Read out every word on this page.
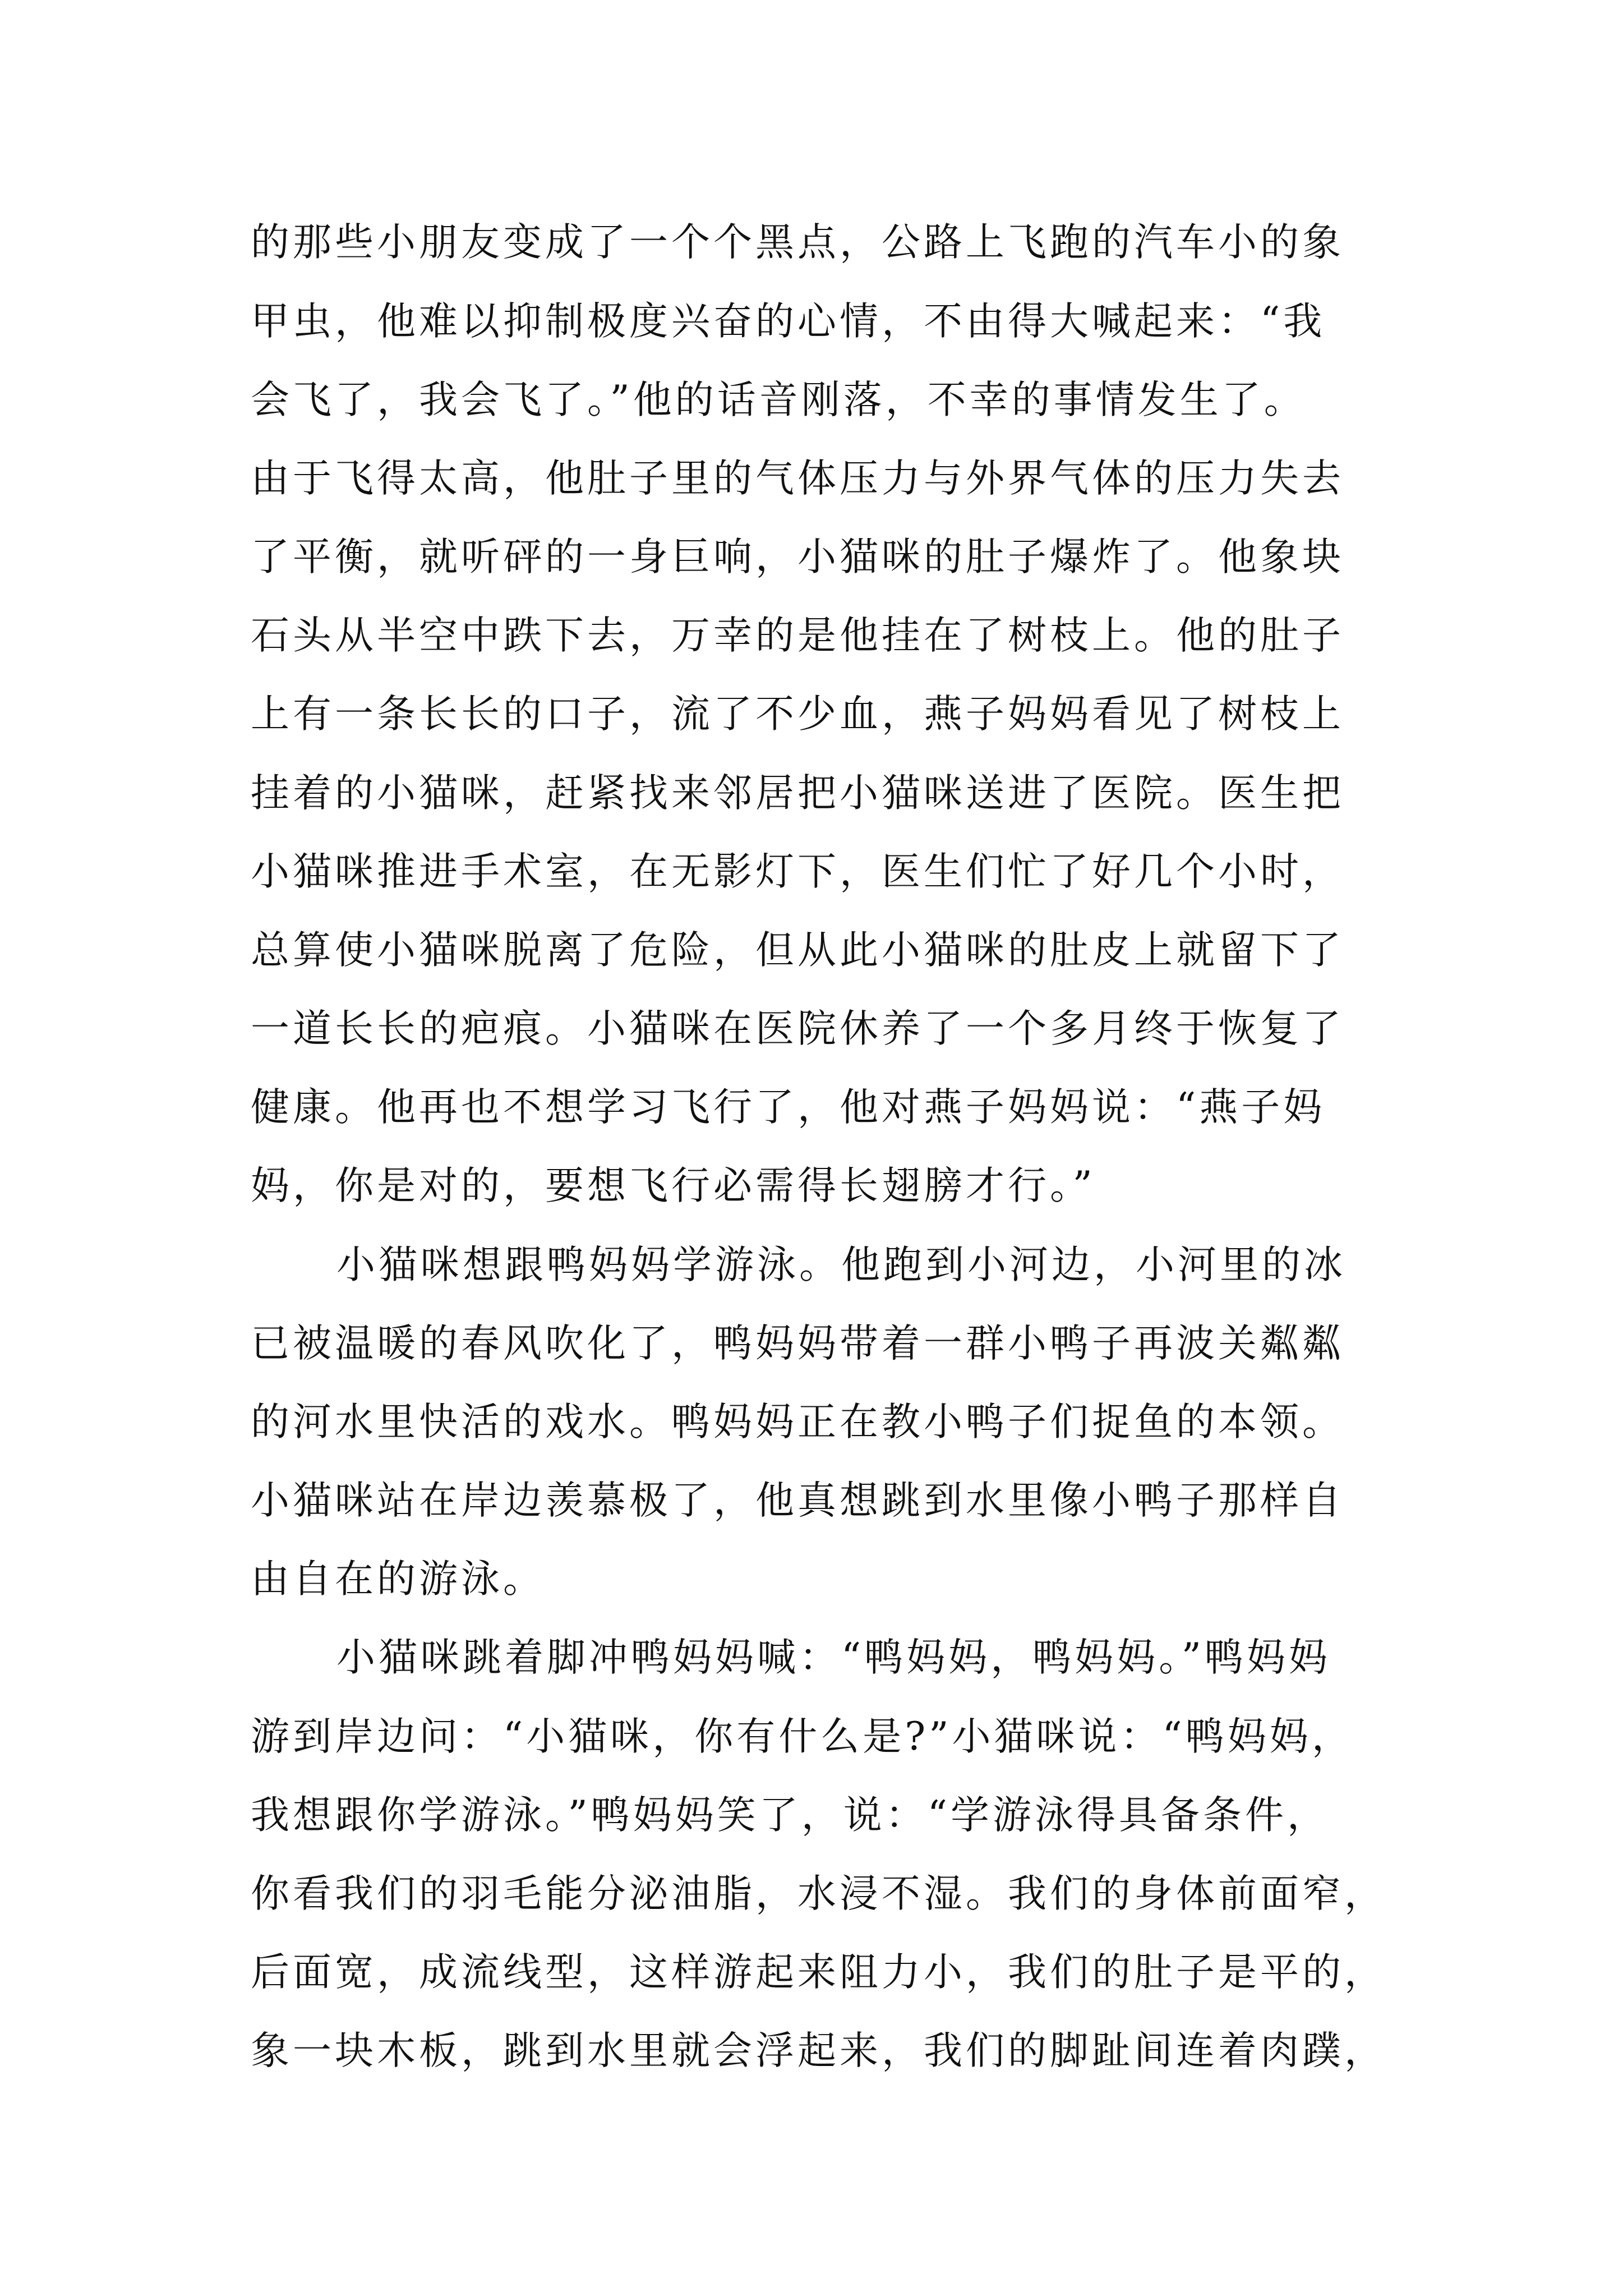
的那些小朋友变成了一个个黑点，公路上飞跑的汽车小的象
甲虫，他难以抑制极度兴奋的心情，不由得大喊起来：“我
会飞了，我会飞了。”他的话音刚落，不幸的事情发生了。
由于飞得太高，他肚子里的气体压力与外界气体的压力失去
了平衡，就听砰的一身巨响，小猫咪的肚子爆炸了。他象块
石头从半空中跌下去，万幸的是他挂在了树枝上。他的肚子
上有一条长长的口子，流了不少血，燕子妈妈看见了树枝上
挂着的小猫咪，赶紧找来邻居把小猫咪送进了医院。医生把
小猫咪推进手术室，在无影灯下，医生们忙了好几个小时，
总算使小猫咪脱离了危险，但从此小猫咪的肚皮上就留下了
一道长长的疤痕。小猫咪在医院休养了一个多月终于恢复了
健康。他再也不想学习飞行了，他对燕子妈妈说：“燕子妈
妈，你是对的，要想飞行必需得长翅膀才行。”
小猫咪想跟鸭妈妈学游泳。他跑到小河边，小河里的冰
已被温暖的春风吹化了，鸭妈妈带着一群小鸭子再波关粼粼
的河水里快活的戏水。鸭妈妈正在教小鸭子们捉鱼的本领。
小猫咪站在岸边羡慕极了，他真想跳到水里像小鸭子那样自
由自在的游泳。
小猫咪跳着脚冲鸭妈妈喊：“鸭妈妈，鸭妈妈。”鸭妈妈
游到岸边问：“小猫咪，你有什么是?”小猫咪说：“鸭妈妈，
我想跟你学游泳。”鸭妈妈笑了，说：“学游泳得具备条件，
你看我们的羽毛能分泌油脂，水浸不湿。我们的身体前面窄，
后面宽，成流线型，这样游起来阻力小，我们的肚子是平的，
象一块木板，跳到水里就会浮起来，我们的脚趾间连着肉蹼，
